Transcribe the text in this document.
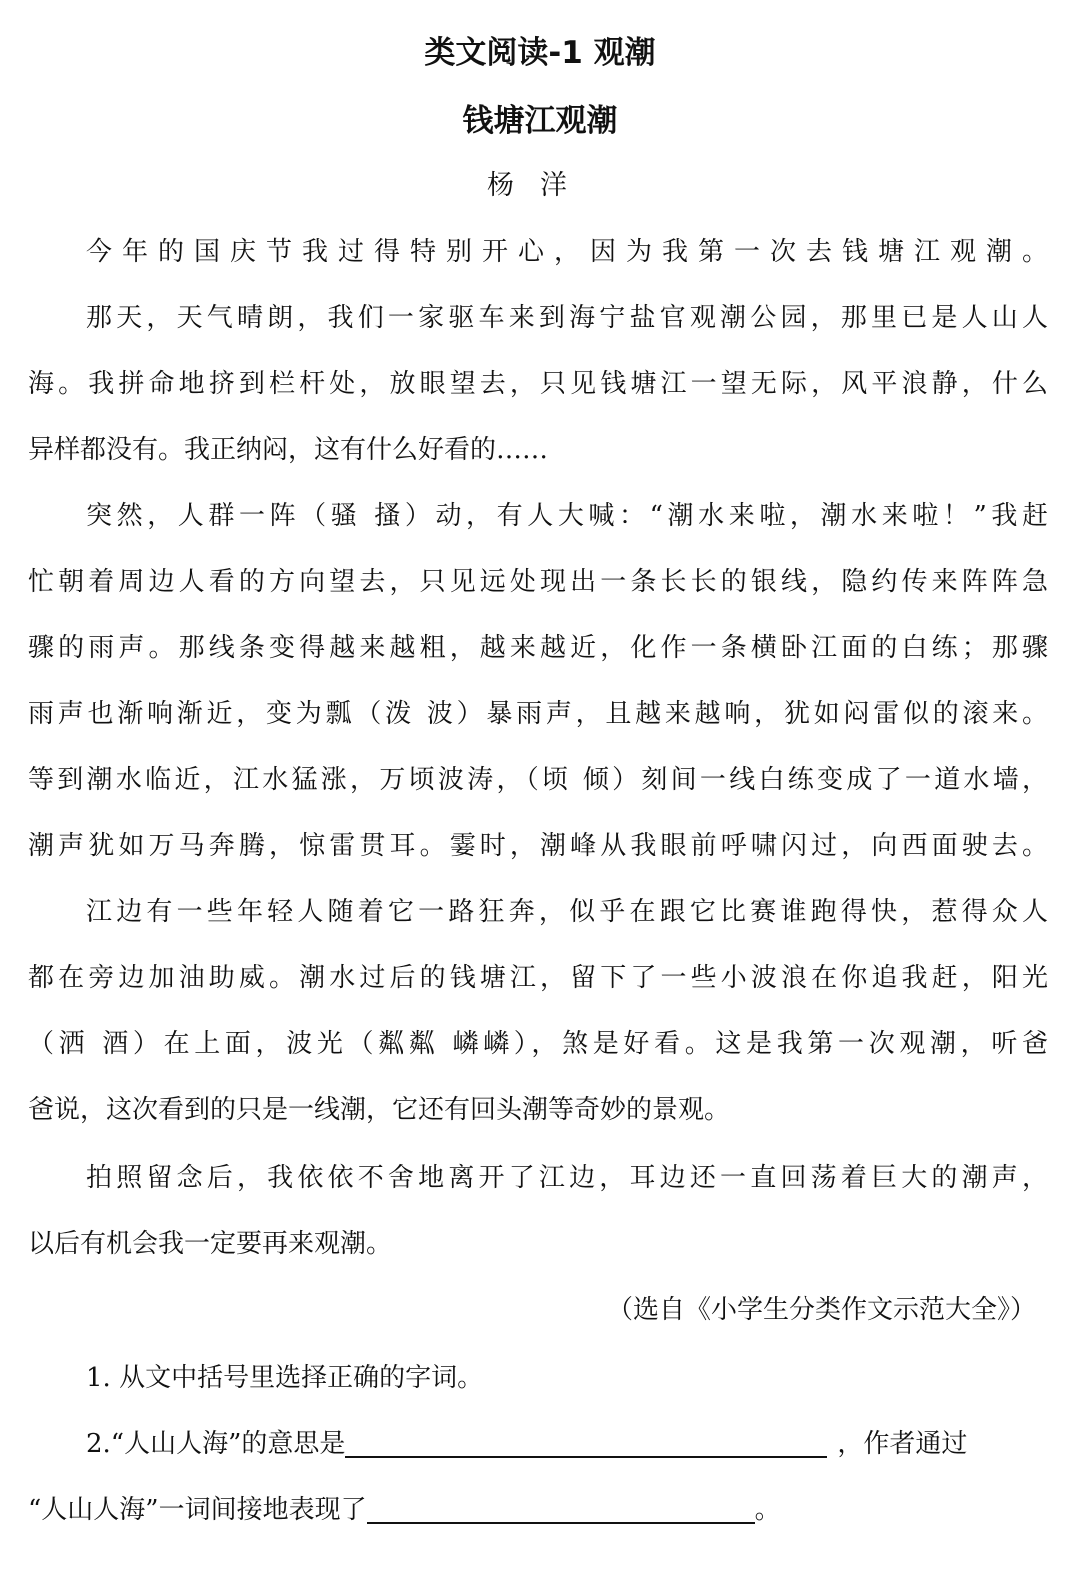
类文阅读-1 观潮
钱塘江观潮
杨洋
今年的国庆节我过得特别开心，因为我第一次去钱塘江观潮。
那天，天气晴朗，我们一家驱车来到海宁盐官观潮公园，那里已是人山人
海。我拼命地挤到栏杆处，放眼望去，只见钱塘江一望无际，风平浪静，什么
异样都没有。我正纳闷，这有什么好看的……
突然，人群一阵（骚 搔）动，有人大喊：“潮水来啦，潮水来啦！”我赶
忙朝着周边人看的方向望去，只见远处现出一条长长的银线，隐约传来阵阵急
骤的雨声。那线条变得越来越粗，越来越近，化作一条横卧江面的白练；那骤
雨声也渐响渐近，变为瓢（泼 波）暴雨声，且越来越响，犹如闷雷似的滚来。
等到潮水临近，江水猛涨，万顷波涛，（顷 倾）刻间一线白练变成了一道水墙，
潮声犹如万马奔腾，惊雷贯耳。霎时，潮峰从我眼前呼啸闪过，向西面驶去。
江边有一些年轻人随着它一路狂奔，似乎在跟它比赛谁跑得快，惹得众人
都在旁边加油助威。潮水过后的钱塘江，留下了一些小波浪在你追我赶，阳光
（洒 酒）在上面，波光（粼粼 嶙嶙），煞是好看。这是我第一次观潮，听爸
爸说，这次看到的只是一线潮，它还有回头潮等奇妙的景观。
拍照留念后，我依依不舍地离开了江边，耳边还一直回荡着巨大的潮声，
以后有机会我一定要再来观潮。
（选自《小学生分类作文示范大全》）
1. 从文中括号里选择正确的字词。
2.“人山人海”的意思是	，作者通过
“人山人海”一词间接地表现了	。
